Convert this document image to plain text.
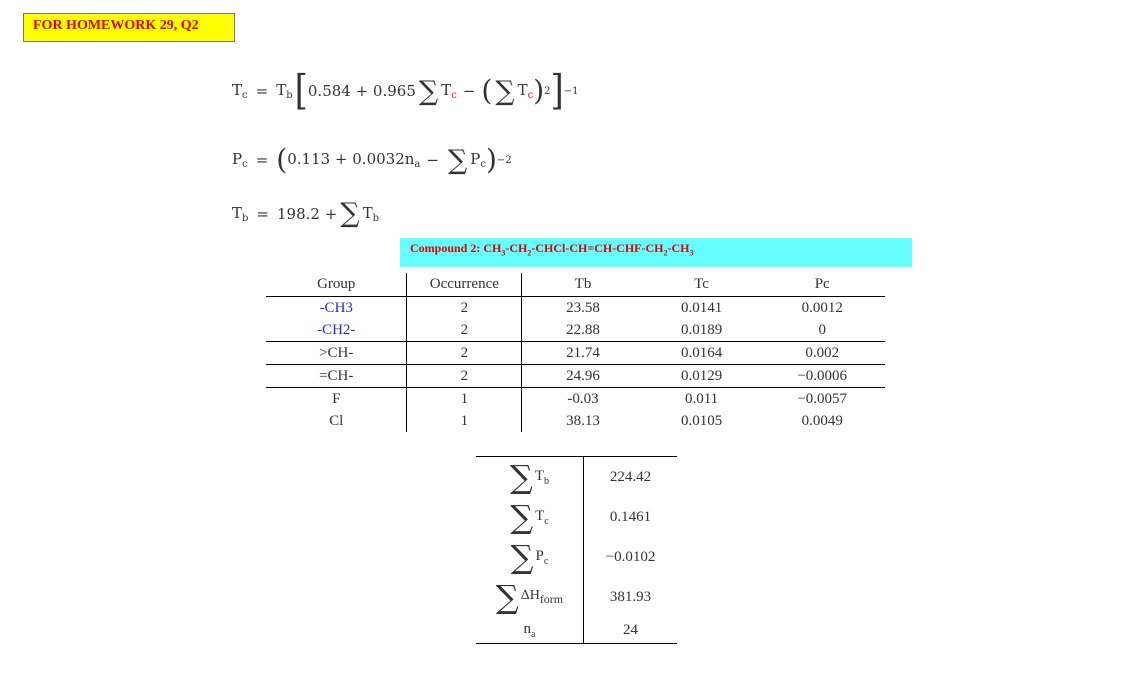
FOR HOMEWORK 29, Q2
$T_c = T_b$ [ 0.584 + 0.965 ∑ $T_c$ − ( ∑ $T_c$ ) 2 ] −1
$P_c$ = ( $0.113 + 0.0032n_a$ − ∑ $P_c$ ) −2
$T_b = 198.2$ + ∑ $T_b$
Compound 2: $CH_3-CH_2-CHCl-CH=CH-CHF-CH_2-CH_3$
Group	Occurrence	Tb	Tc	Pc
-CH3	2	23.58	0.0141	0.0012
-CH2-	2	22.88	0.0189	0
>CH-	2	21.74	0.0164	0.002
=CH-	2	24.96	0.0129	−0.0006
F	1	-0.03	0.011	−0.0057
Cl	1	38.13	0.0105	0.0049
∑ $T_b$	224.42

∑ $T_c$	0.1461

∑ $P_c$	−0.0102

∑ $\Delta H_{form}$	381.93

$n_a$	24
